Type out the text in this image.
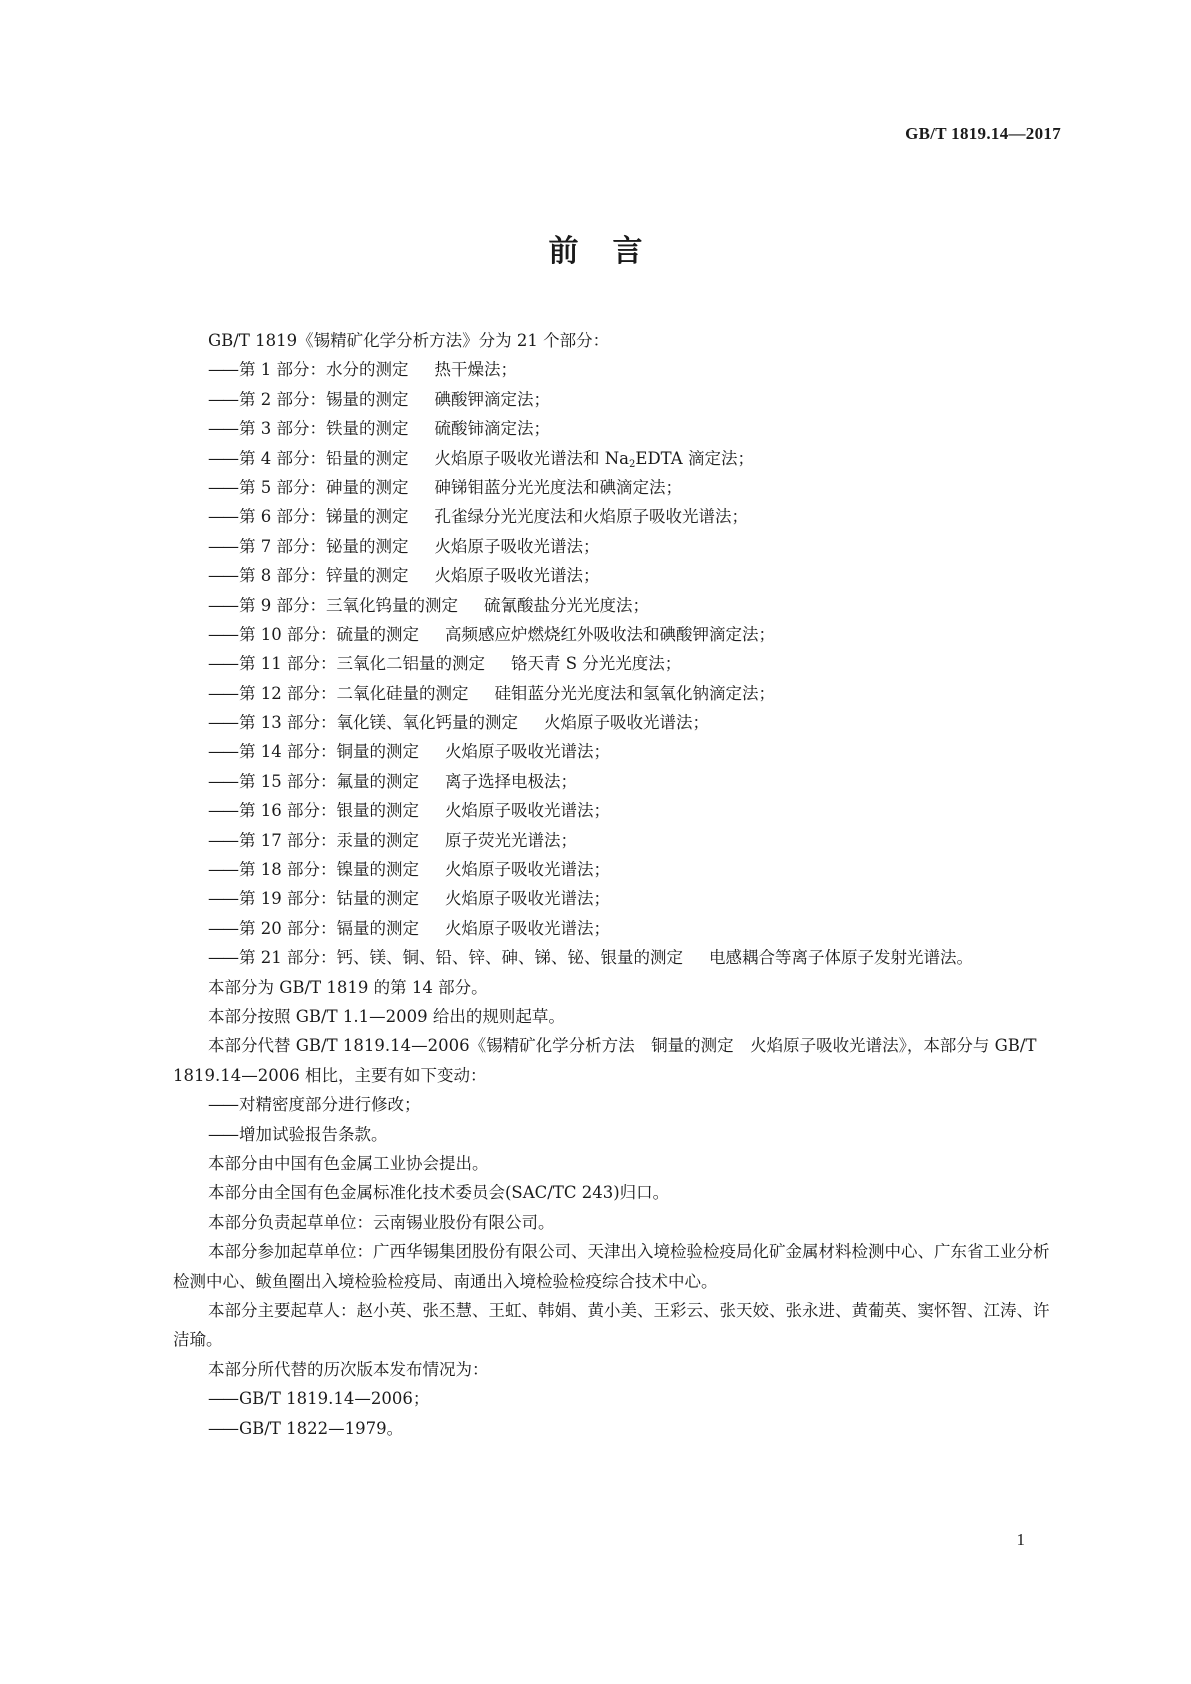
GB/T 1819.14—2017
前言
GB/T 1819《锡精矿化学分析方法》分为 21 个部分：
—— 第 1 部分：水分的测定 热干燥法；
—— 第 2 部分：锡量的测定 碘酸钾滴定法；
—— 第 3 部分：铁量的测定 硫酸铈滴定法；
—— 第 4 部分：铅量的测定 火焰原子吸收光谱法和 $Na_2EDTA$ 滴定法；
—— 第 5 部分：砷量的测定 砷锑钼蓝分光光度法和碘滴定法；
—— 第 6 部分：锑量的测定 孔雀绿分光光度法和火焰原子吸收光谱法；
—— 第 7 部分：铋量的测定 火焰原子吸收光谱法；
—— 第 8 部分：锌量的测定 火焰原子吸收光谱法；
—— 第 9 部分：三氧化钨量的测定 硫氰酸盐分光光度法；
—— 第 10 部分：硫量的测定 高频感应炉燃烧红外吸收法和碘酸钾滴定法；
—— 第 11 部分：三氧化二铝量的测定 铬天青 S 分光光度法；
—— 第 12 部分：二氧化硅量的测定 硅钼蓝分光光度法和氢氧化钠滴定法；
—— 第 13 部分：氧化镁、氧化钙量的测定 火焰原子吸收光谱法；
—— 第 14 部分：铜量的测定 火焰原子吸收光谱法；
—— 第 15 部分：氟量的测定 离子选择电极法；
—— 第 16 部分：银量的测定 火焰原子吸收光谱法；
—— 第 17 部分：汞量的测定 原子荧光光谱法；
—— 第 18 部分：镍量的测定 火焰原子吸收光谱法；
—— 第 19 部分：钴量的测定 火焰原子吸收光谱法；
—— 第 20 部分：镉量的测定 火焰原子吸收光谱法；
—— 第 21 部分：钙、镁、铜、铅、锌、砷、锑、铋、银量的测定 电感耦合等离子体原子发射光谱法。
本部分为 GB/T 1819 的第 14 部分。
本部分按照 GB/T 1.1—2009 给出的规则起草。
本部分代替 GB/T 1819.14—2006《锡精矿化学分析方法　铜量的测定　火焰原子吸收光谱法》，本部分与 GB/T 1819.14—2006 相比，主要有如下变动：
—— 对精密度部分进行修改；
—— 增加试验报告条款。
本部分由中国有色金属工业协会提出。
本部分由全国有色金属标准化技术委员会(SAC/TC 243)归口。
本部分负责起草单位：云南锡业股份有限公司。
本部分参加起草单位：广西华锡集团股份有限公司、天津出入境检验检疫局化矿金属材料检测中心、广东省工业分析检测中心、鲅鱼圈出入境检验检疫局、南通出入境检验检疫综合技术中心。
本部分主要起草人：赵小英、张丕慧、王虹、韩娟、黄小美、王彩云、张天姣、张永进、黄葡英、窦怀智、江涛、许洁瑜。
本部分所代替的历次版本发布情况为：
—— GB/T 1819.14—2006；
—— GB/T 1822—1979。
1
